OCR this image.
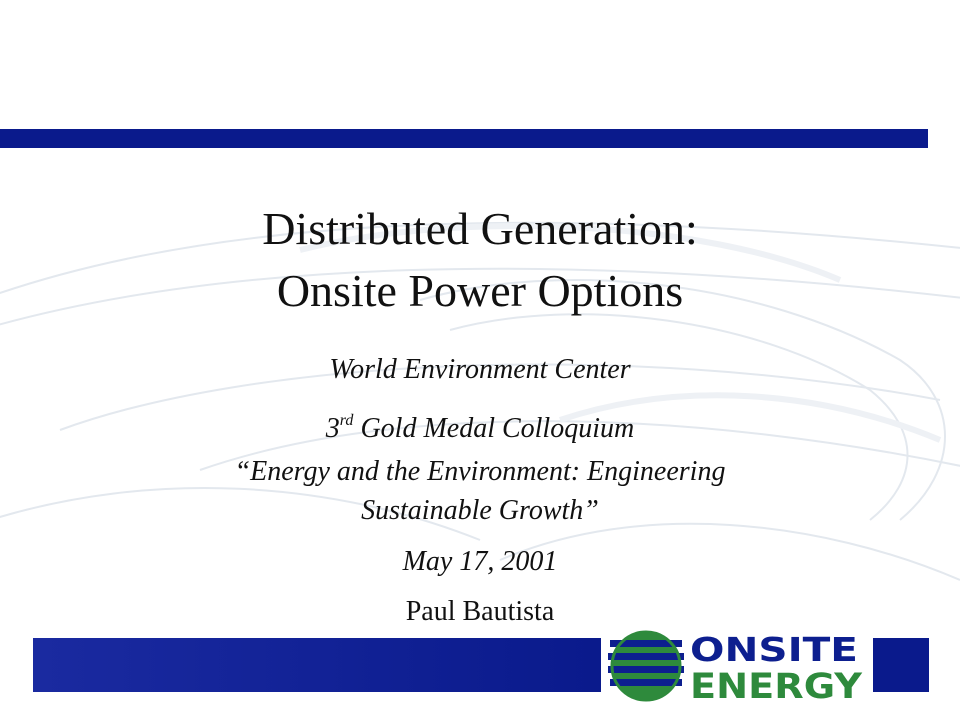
Distributed Generation:
Onsite Power Options
World Environment Center
3rd Gold Medal Colloquium
“Energy and the Environment: Engineering
Sustainable Growth”
May 17, 2001
Paul Bautista
ONSITE
ENERGY
